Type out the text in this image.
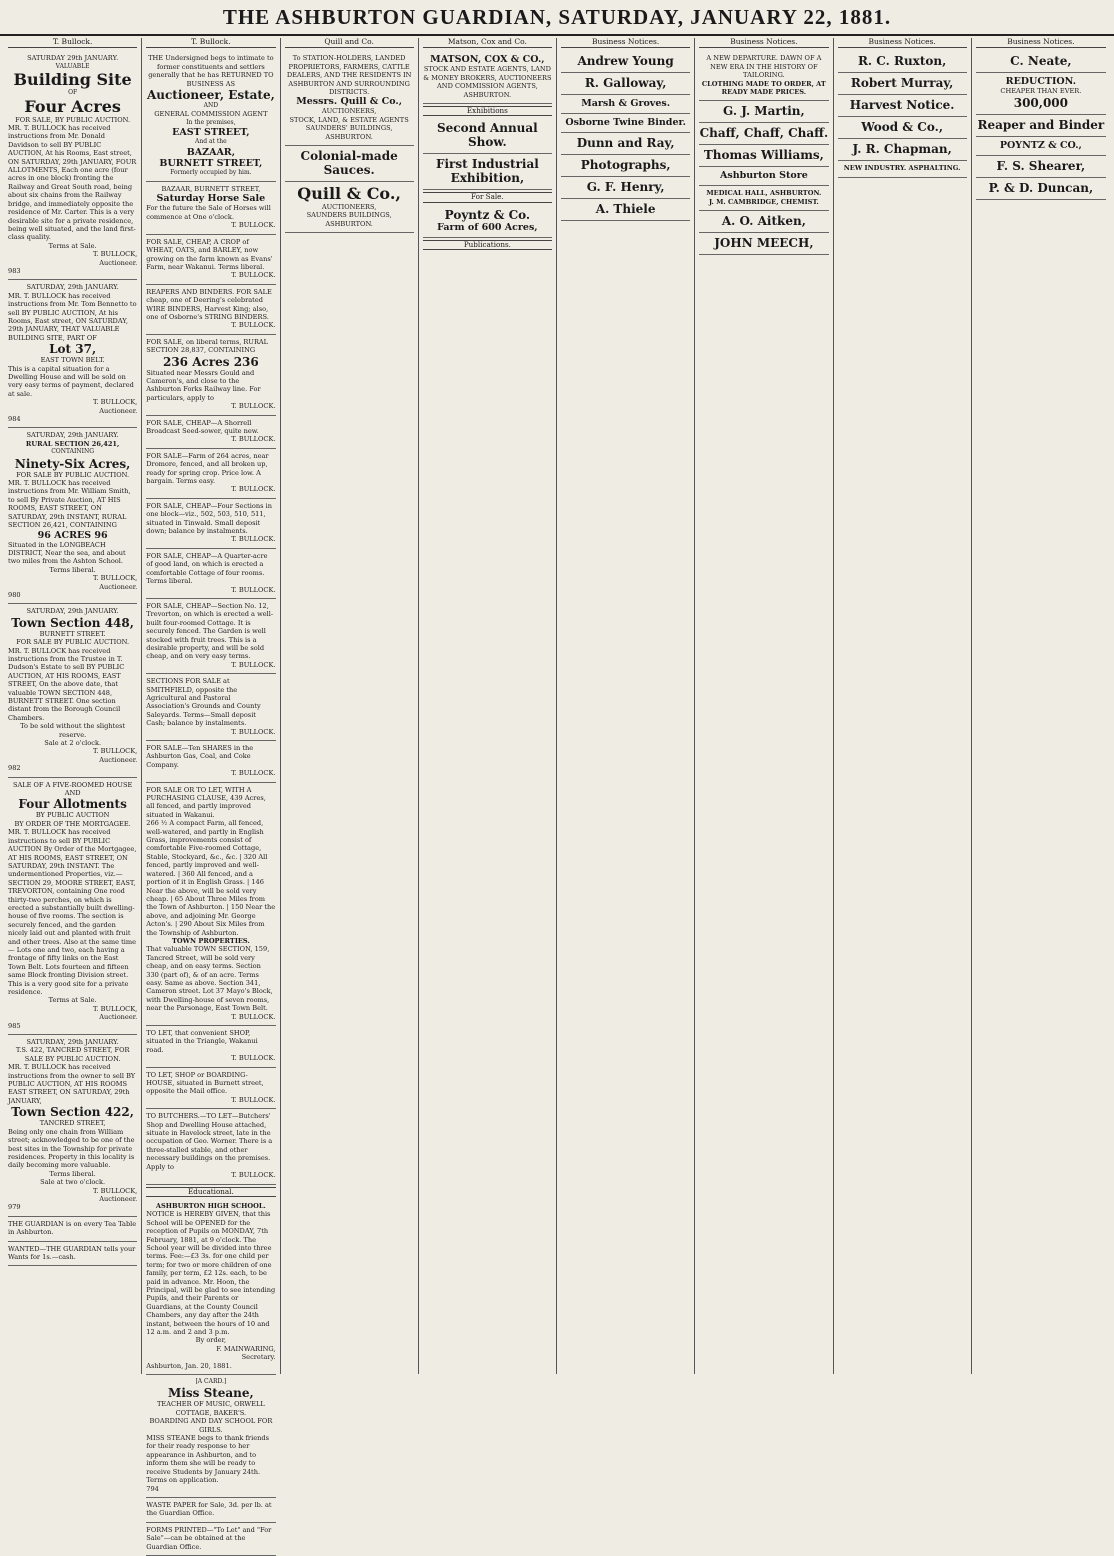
THE ASHBURTON GUARDIAN, SATURDAY, JANUARY 22, 1881.
T. Bullock.
SATURDAY 29th JANUARY.
VALUABLE
Building Site
OF
Four Acres
FOR SALE, BY PUBLIC AUCTION.
MR. T. BULLOCK has received instructions from Mr. Donald Davidson to sell BY PUBLIC AUCTION, At his Rooms, East street, ON SATURDAY, 29th JANUARY, FOUR ALLOTMENTS, Each one acre (four acres in one block) fronting the Railway and Great South road, being about six chains from the Railway bridge, and immediately opposite the residence of Mr. Carter. This is a very desirable site for a private residence, being well situated, and the land first-class quality.
Terms at Sale.
T. BULLOCK,
Auctioneer.
983
SATURDAY, 29th JANUARY.
MR. T. BULLOCK has received instructions from Mr. Tom Bennetto to sell BY PUBLIC AUCTION, At his Rooms, East street, ON SATURDAY, 29th JANUARY, THAT VALUABLE BUILDING SITE, PART OF
Lot 37,
EAST TOWN BELT.
This is a capital situation for a Dwelling House and will be sold on very easy terms of payment, declared at sale.
T. BULLOCK,
Auctioneer.
984
SATURDAY, 29th JANUARY.
RURAL SECTION 26,421,
CONTAINING
Ninety-Six Acres,
FOR SALE BY PUBLIC AUCTION.
MR. T. BULLOCK has received instructions from Mr. William Smith, to sell By Private Auction, AT HIS ROOMS, EAST STREET, ON SATURDAY, 29th INSTANT, RURAL SECTION 26,421, CONTAINING
96 ACRES 96
Situated in the LONGBEACH DISTRICT, Near the sea, and about two miles from the Ashton School.
Terms liberal.
T. BULLOCK,
Auctioneer.
980
SATURDAY, 29th JANUARY.
Town Section 448,
BURNETT STREET.
FOR SALE BY PUBLIC AUCTION.
MR. T. BULLOCK has received instructions from the Trustee in T. Dudson's Estate to sell BY PUBLIC AUCTION, AT HIS ROOMS, EAST STREET, On the above date, that valuable TOWN SECTION 448, BURNETT STREET. One section distant from the Borough Council Chambers.
To be sold without the slightest reserve.
Sale at 2 o'clock.
T. BULLOCK,
Auctioneer.
982
SALE OF A FIVE-ROOMED HOUSE AND
Four Allotments
BY PUBLIC AUCTION
BY ORDER OF THE MORTGAGEE.
MR. T. BULLOCK has received instructions to sell BY PUBLIC AUCTION By Order of the Mortgagee, AT HIS ROOMS, EAST STREET, ON SATURDAY, 29th INSTANT. The undermentioned Properties, viz.—SECTION 29, MOORE STREET, EAST, TREVORTON, containing One rood thirty-two perches, on which is erected a substantially built dwelling-house of five rooms. The section is securely fenced, and the garden nicely laid out and planted with fruit and other trees. Also at the same time— Lots one and two, each having a frontage of fifty links on the East Town Belt. Lots fourteen and fifteen same Block fronting Division street. This is a very good site for a private residence.
Terms at Sale.
T. BULLOCK,
Auctioneer.
985
SATURDAY, 29th JANUARY.
T.S. 422, TANCRED STREET, FOR SALE BY PUBLIC AUCTION.
MR. T. BULLOCK has received instructions from the owner to sell BY PUBLIC AUCTION, AT HIS ROOMS EAST STREET, ON SATURDAY, 29th JANUARY,
Town Section 422,
TANCRED STREET,
Being only one chain from William street; acknowledged to be one of the best sites in the Township for private residences. Property in this locality is daily becoming more valuable.
Terms liberal.
Sale at two o'clock.
T. BULLOCK,
Auctioneer.
979
THE GUARDIAN is on every Tea Table in Ashburton.
WANTED—THE GUARDIAN tells your Wants for 1s.—cash.
T. Bullock.
THE Undersigned begs to intimate to former constituents and settlers generally that he has RETURNED TO BUSINESS AS
Auctioneer, Estate,
AND
GENERAL COMMISSION AGENT
In the premises,
EAST STREET,
And at the
BAZAAR,
BURNETT STREET,
Formerly occupied by him.
BAZAAR, BURNETT STREET,
Saturday Horse Sale
For the future the Sale of Horses will commence at One o'clock.
T. BULLOCK.
FOR SALE, CHEAP, A CROP of WHEAT, OATS, and BARLEY, now growing on the farm known as Evans' Farm, near Wakanui. Terms liberal.
T. BULLOCK.
REAPERS AND BINDERS. FOR SALE cheap, one of Deering's celebrated WIRE BINDERS, Harvest King; also, one of Osborne's STRING BINDERS.
T. BULLOCK.
FOR SALE, on liberal terms, RURAL SECTION 28,837, CONTAINING
236 Acres 236
Situated near Messrs Gould and Cameron's, and close to the Ashburton Forks Railway line. For particulars, apply to
T. BULLOCK.
FOR SALE, CHEAP—A Shorrell Broadcast Seed-sower, quite new.
T. BULLOCK.
FOR SALE—Farm of 264 acres, near Dromore, fenced, and all broken up, ready for spring crop. Price low. A bargain. Terms easy.
T. BULLOCK.
FOR SALE, CHEAP—Four Sections in one block—viz., 502, 503, 510, 511, situated in Tinwald. Small deposit down; balance by instalments.
T. BULLOCK.
FOR SALE, CHEAP—A Quarter-acre of good land, on which is erected a comfortable Cottage of four rooms. Terms liberal.
T. BULLOCK.
FOR SALE, CHEAP—Section No. 12, Trevorton, on which is erected a well-built four-roomed Cottage. It is securely fenced. The Garden is well stocked with fruit trees. This is a desirable property, and will be sold cheap, and on very easy terms.
T. BULLOCK.
SECTIONS FOR SALE at SMITHFIELD, opposite the Agricultural and Pastoral Association's Grounds and County Saleyards. Terms—Small deposit Cash; balance by instalments.
T. BULLOCK.
FOR SALE—Ten SHARES in the Ashburton Gas, Coal, and Coke Company.
T. BULLOCK.
FOR SALE OR TO LET, WITH A PURCHASING CLAUSE, 439 Acres, all fenced, and partly improved situated in Wakanui.
266 ½ A compact Farm, all fenced, well-watered, and partly in English Grass, improvements consist of comfortable Five-roomed Cottage, Stable, Stockyard, &c., &c. | 320 All fenced, partly improved and well-watered. | 360 All fenced, and a portion of it in English Grass. | 146 Near the above, will be sold very cheap. | 65 About Three Miles from the Town of Ashburton. | 150 Near the above, and adjoining Mr. George Acton's. | 290 About Six Miles from the Township of Ashburton.
TOWN PROPERTIES.
That valuable TOWN SECTION, 159, Tancred Street, will be sold very cheap, and on easy terms. Section 330 (part of), & of an acre. Terms easy. Same as above. Section 341, Cameron street. Lot 37 Mayo's Block, with Dwelling-house of seven rooms, near the Parsonage, East Town Belt.
T. BULLOCK.
TO LET, that convenient SHOP, situated in the Triangle, Wakanui road.
T. BULLOCK.
TO LET, SHOP or BOARDING-HOUSE, situated in Burnett street, opposite the Mail office.
T. BULLOCK.
TO BUTCHERS.—TO LET—Butchers' Shop and Dwelling House attached, situate in Havelock street, late in the occupation of Geo. Worner. There is a three-stalled stable, and other necessary buildings on the premises. Apply to
T. BULLOCK.
Educational.
ASHBURTON HIGH SCHOOL.
NOTICE is HEREBY GIVEN, that this School will be OPENED for the reception of Pupils on MONDAY, 7th February, 1881, at 9 o'clock. The School year will be divided into three terms. Fee:—£3 3s. for one child per term; for two or more children of one family, per term, £2 12s. each, to be paid in advance. Mr. Hoon, the Principal, will be glad to see intending Pupils, and their Parents or Guardians, at the County Council Chambers, any day after the 24th instant, between the hours of 10 and 12 a.m. and 2 and 3 p.m.
By order,
F. MAINWARING,
Secretary.
Ashburton, Jan. 20, 1881.
[A CARD.]
Miss Steane,
TEACHER OF MUSIC, ORWELL COTTAGE, BAKER'S.
BOARDING AND DAY SCHOOL FOR GIRLS.
MISS STEANE begs to thank friends for their ready response to her appearance in Ashburton, and to inform them she will be ready to receive Students by January 24th. Terms on application.
794
WASTE PAPER for Sale, 3d. per lb. at the Guardian Office.
FORMS PRINTED—"To Let" and "For Sale"—can be obtained at the Guardian Office.
Quill and Co.
To STATION-HOLDERS, LANDED PROPRIETORS, FARMERS, CATTLE DEALERS, AND THE RESIDENTS IN ASHBURTON AND SURROUNDING DISTRICTS.
Messrs. Quill & Co.,
AUCTIONEERS,
STOCK, LAND, & ESTATE AGENTS
SAUNDERS' BUILDINGS,
ASHBURTON.
Colonial-made Sauces.
Quill & Co.,
AUCTIONEERS,
SAUNDERS BUILDINGS,
ASHBURTON.
Matson, Cox and Co.
MATSON, COX & CO.,
STOCK AND ESTATE AGENTS, LAND & MONEY BROKERS, AUCTIONEERS AND COMMISSION AGENTS,
ASHBURTON.
Exhibitions
Second Annual Show.
First Industrial Exhibition,
For Sale.
Poyntz & Co.
Farm of 600 Acres,
Publications.
Business Notices.
Andrew Young
R. Galloway,
Marsh & Groves.
Osborne Twine Binder.
Dunn and Ray,
Photographs,
G. F. Henry,
A. Thiele
Business Notices.
A NEW DEPARTURE. DAWN OF A NEW ERA IN THE HISTORY OF TAILORING.
CLOTHING MADE TO ORDER, AT READY MADE PRICES.
G. J. Martin,
Chaff, Chaff, Chaff.
Thomas Williams,
Ashburton Store
MEDICAL HALL, ASHBURTON.
J. M. CAMBRIDGE, CHEMIST.
A. O. Aitken,
JOHN MEECH,
Business Notices.
R. C. Ruxton,
Robert Murray,
Harvest Notice.
Wood & Co.,
J. R. Chapman,
NEW INDUSTRY. ASPHALTING.
Business Notices.
C. Neate,
REDUCTION.
CHEAPER THAN EVER.
300,000
Reaper and Binder
POYNTZ & CO.,
F. S. Shearer,
P. & D. Duncan,
